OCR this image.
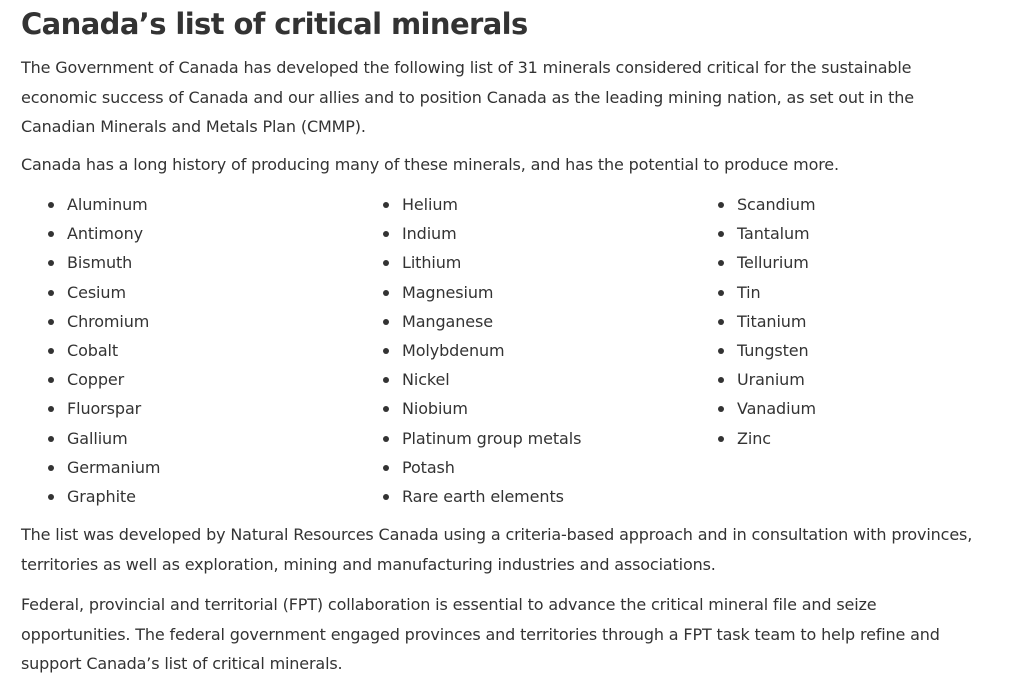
Canada’s list of critical minerals

The Government of Canada has developed the following list of 31 minerals considered critical for the sustainable
economic success of Canada and our allies and to position Canada as the leading mining nation, as set out in the
Canadian Minerals and Metals Plan (CMMP).

Canada has a long history of producing many of these minerals, and has the potential to produce more.

Aluminum
Antimony
Bismuth
Cesium
Chromium
Cobalt
Copper
Fluorspar
Gallium
Germanium
Graphite
Helium
Indium
Lithium
Magnesium
Manganese
Molybdenum
Nickel
Niobium
Platinum group metals
Potash
Rare earth elements
Scandium
Tantalum
Tellurium
Tin
Titanium
Tungsten
Uranium
Vanadium
Zinc

The list was developed by Natural Resources Canada using a criteria-based approach and in consultation with provinces,
territories as well as exploration, mining and manufacturing industries and associations.

Federal, provincial and territorial (FPT) collaboration is essential to advance the critical mineral file and seize
opportunities. The federal government engaged provinces and territories through a FPT task team to help refine and
support Canada’s list of critical minerals.
